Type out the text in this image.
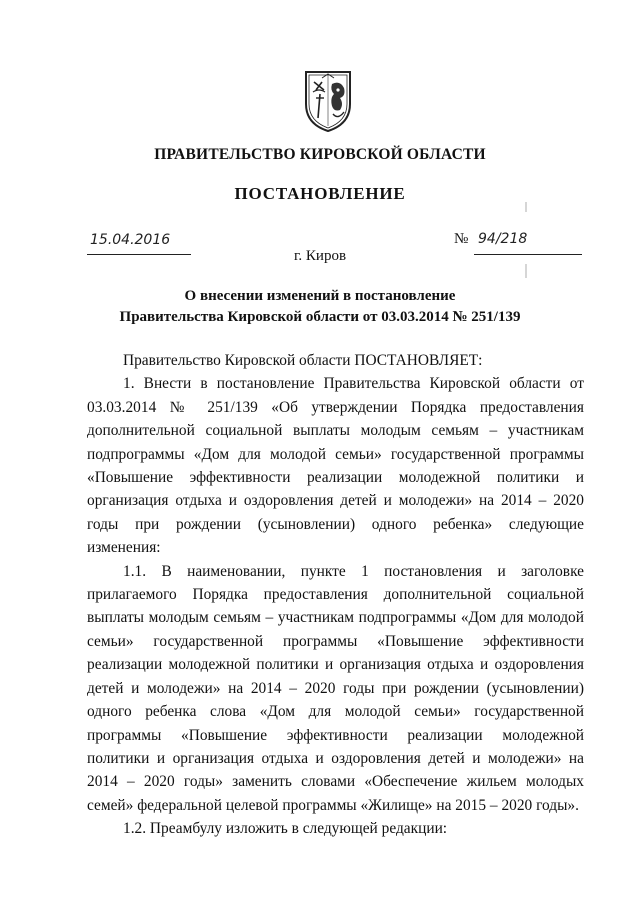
ПРАВИТЕЛЬСТВО КИРОВСКОЙ ОБЛАСТИ
ПОСТАНОВЛЕНИЕ
15.04.2016	№ 94/218
г. Киров
О внесении изменений в постановление
Правительства Кировской области от 03.03.2014 № 251/139

Правительство Кировской области ПОСТАНОВЛЯЕТ:

1. Внести в постановление Правительства Кировской области от 03.03.2014 № 251/139 «Об утверждении Порядка предоставления дополнительной социальной выплаты молодым семьям – участникам подпрограммы «Дом для молодой семьи» государственной программы «Повышение эффективности реализации молодежной политики и организация отдыха и оздоровления детей и молодежи» на 2014 – 2020 годы при рождении (усыновлении) одного ребенка» следующие изменения:

1.1. В наименовании, пункте 1 постановления и заголовке прилагаемого Порядка предоставления дополнительной социальной выплаты молодым семьям – участникам подпрограммы «Дом для молодой семьи» государственной программы «Повышение эффективности реализации молодежной политики и организация отдыха и оздоровления детей и молодежи» на 2014 – 2020 годы при рождении (усыновлении) одного ребенка слова «Дом для молодой семьи» государственной программы «Повышение эффективности реализации молодежной политики и организация отдыха и оздоровления детей и молодежи» на 2014 – 2020 годы» заменить словами «Обеспечение жильем молодых семей» федеральной целевой программы «Жилище» на 2015 – 2020 годы».

1.2. Преамбулу изложить в следующей редакции:
